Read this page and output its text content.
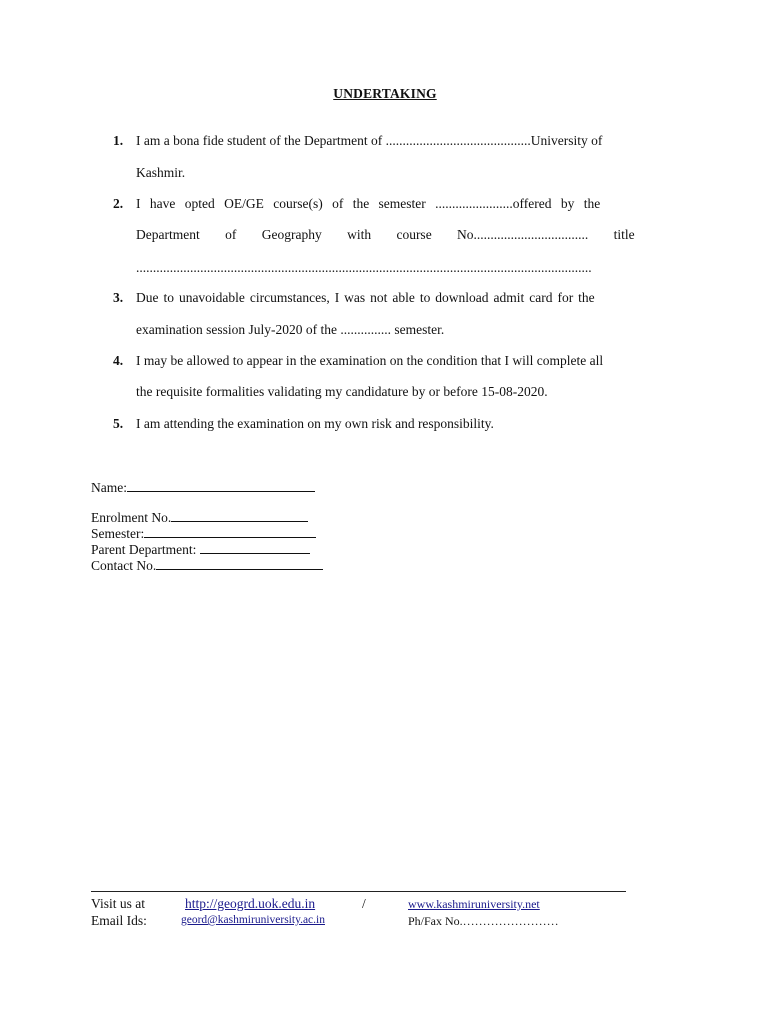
UNDERTAKING
1. I am a bona fide student of the Department of ...........................................University of
Kashmir.
2. I have opted OE/GE course(s) of the semester .......................offered by the
Department of Geography with course No.................................. title
.......................................................................................................................................
3. Due to unavoidable circumstances, I was not able to download admit card for the
examination session July-2020 of the ............... semester.
4. I may be allowed to appear in the examination on the condition that I will complete all
the requisite formalities validating my candidature by or before 15-08-2020.
5. I am attending the examination on my own risk and responsibility.
Name:
Enrolment No.
Semester:
Parent Department:
Contact No.
Visit us at	http://geogrd.uok.edu.in	/	www.kashmiruniversity.net
Email Ids:	geord@kashmiruniversity.ac.in	Ph/Fax No.……………………
